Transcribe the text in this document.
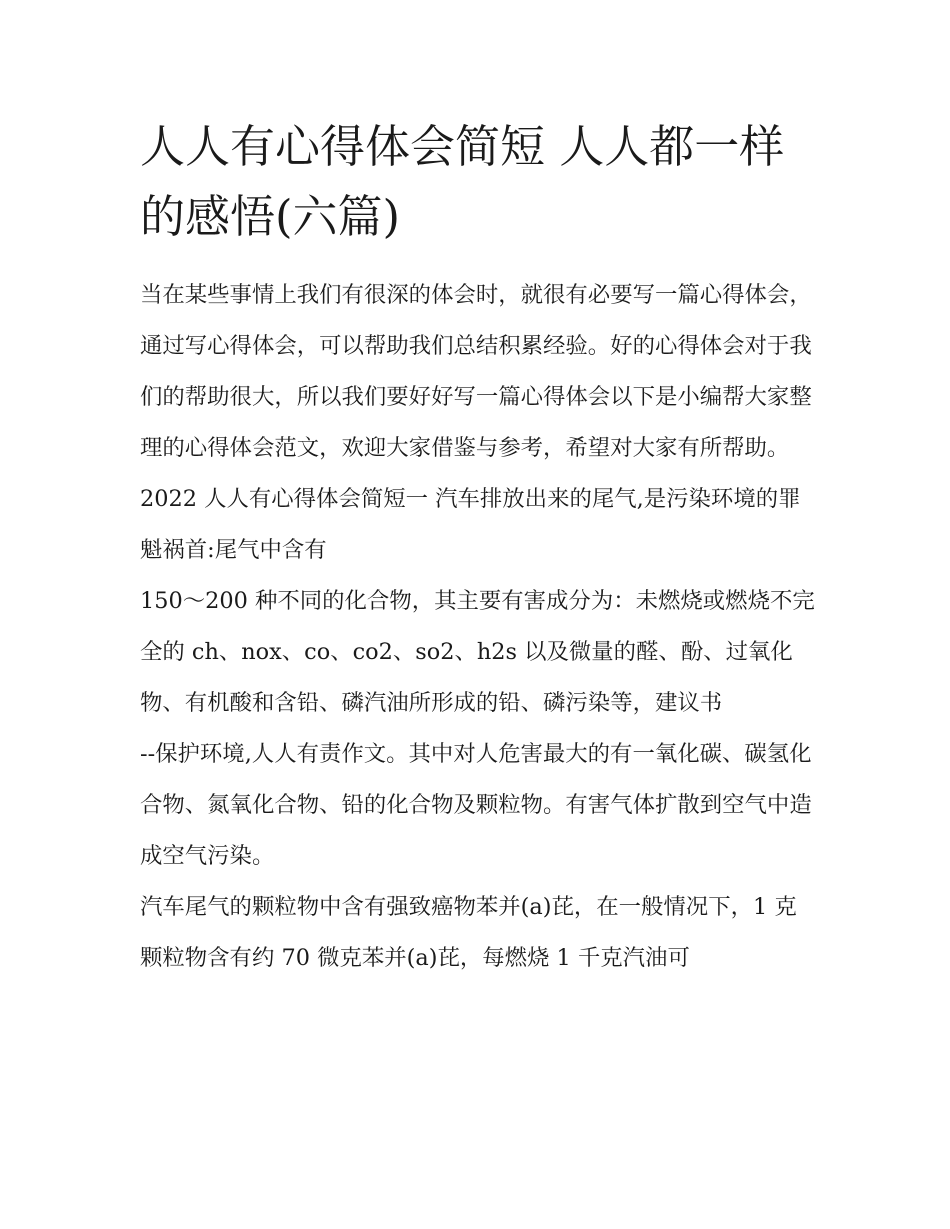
人人有心得体会简短 人人都一样的感悟(六篇)

当在某些事情上我们有很深的体会时，就很有必要写一篇心得体会，通过写心得体会，可以帮助我们总结积累经验。好的心得体会对于我们的帮助很大，所以我们要好好写一篇心得体会以下是小编帮大家整理的心得体会范文，欢迎大家借鉴与参考，希望对大家有所帮助。

2022 人人有心得体会简短一 汽车排放出来的尾气,是污染环境的罪魁祸首:尾气中含有

150～200 种不同的化合物，其主要有害成分为：未燃烧或燃烧不完全的 ch、nox、co、co2、so2、h2s 以及微量的醛、酚、过氧化物、有机酸和含铅、磷汽油所形成的铅、磷污染等，建议书

--保护环境,人人有责作文。其中对人危害最大的有一氧化碳、碳氢化合物、氮氧化合物、铅的化合物及颗粒物。有害气体扩散到空气中造成空气污染。

汽车尾气的颗粒物中含有强致癌物苯并(a)芘，在一般情况下，1 克颗粒物含有约 70 微克苯并(a)芘，每燃烧 1 千克汽油可
